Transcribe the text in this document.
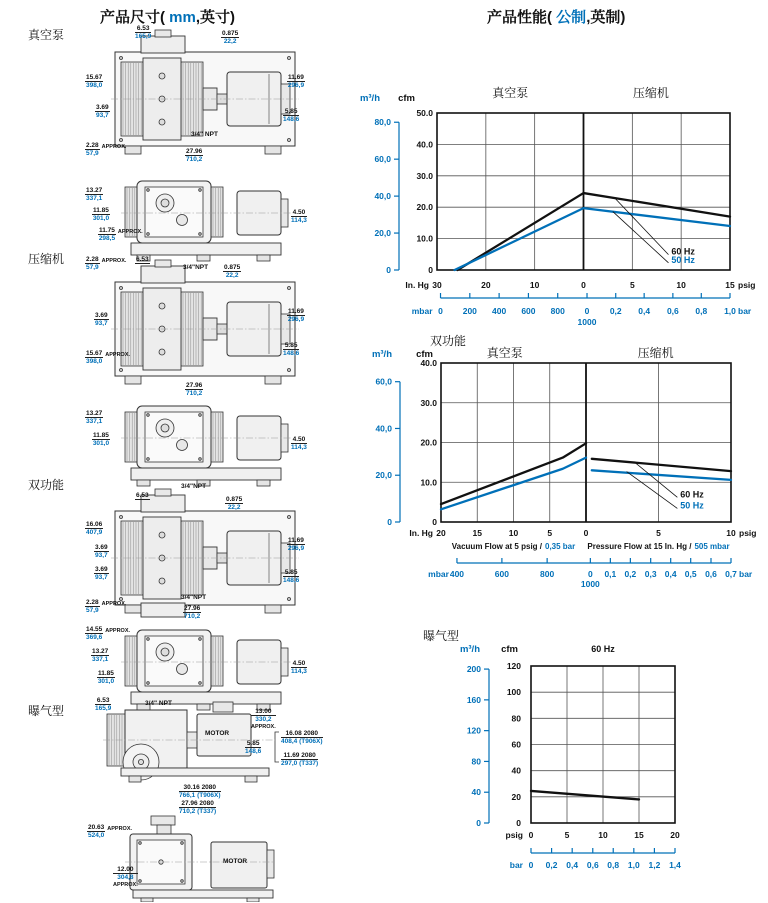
产品尺寸( mm,英寸)	产品性能( 公制,英制)
真空泵
压缩机
双功能
曝气型
6.53
165,9	0.875
22,2
15.67
398,0
3.69
93,7
11.69
296,9
5.85
148,6
2.28
57,9
APPROX.
27.96
710,2
3/4" NPT
13.27
337,1
11.85
301,0
11.75
298,5
APPROX.
4.50
114,3
2.28
57,9
APPROX. 6.53
0.875
22,2
3.69
93,7
15.67
398,0
APPROX.
11.69
296,9
5.85
148,6
27.96
710,2
3/4"NPT
13.27
337,1
11.85
301,0
4.50
114,3
6.53
0.875
22,2
16.06
407,9
3.69
93,7
3.69
93,7
11.69
296,9
5.85
148,6
2.28
57,9
APPROX.
27.96
710,2
3/4"NPT
3/4"NPT
14.55
369,6
APPROX.
13.27
337,1
11.85
301,0
4.50
114,3
6.53
165,9	13.00
330,2
APPROX.
5.85
148,6
16.08 2080
408,4 (T906X)
11.69 2080
297,0 (T337)
30.16 2080
766,1 (T906X)
27.96 2080
710,2 (T337)
3/4" NPT
MOTOR
20.63
524,0
APPROX.
12.00
304,8
APPROX.
MOTOR
50.0
40.0
30.0
20.0
10.0
0
80,0
60,0
40,0
20,0
0
m³/h cfm	真空泵	压缩机
30	20	10	0	5	10	15
In. Hg	psig
0 200 400 600 800 0
1000
0,2 0,4 0,6 0,8 1,0
mbar	bar
60 Hz
50 Hz
40.0
30.0
20.0
10.0
0
60,0
40,0
20,0
0
m³/h	cfm	真空泵	压缩机
双功能
20	15	10	5	0	5	10
In. Hg	psig
Vacuum Flow at 5 psig / 0,35 bar Pressure Flow at 15 In. Hg / 505 mbar
400	600	800	0
1000
0,1 0,2 0,3 0,4 0,5 0,6 0,7
mbar	bar
60 Hz
50 Hz
120
100
80
60
40
20
0
200
160
120
80
40
0
m³/h cfm	60 Hz
曝气型
0	5	10	15	20
psig
0 0,2 0,4 0,6 0,8 1,0 1,2 1,4
bar
